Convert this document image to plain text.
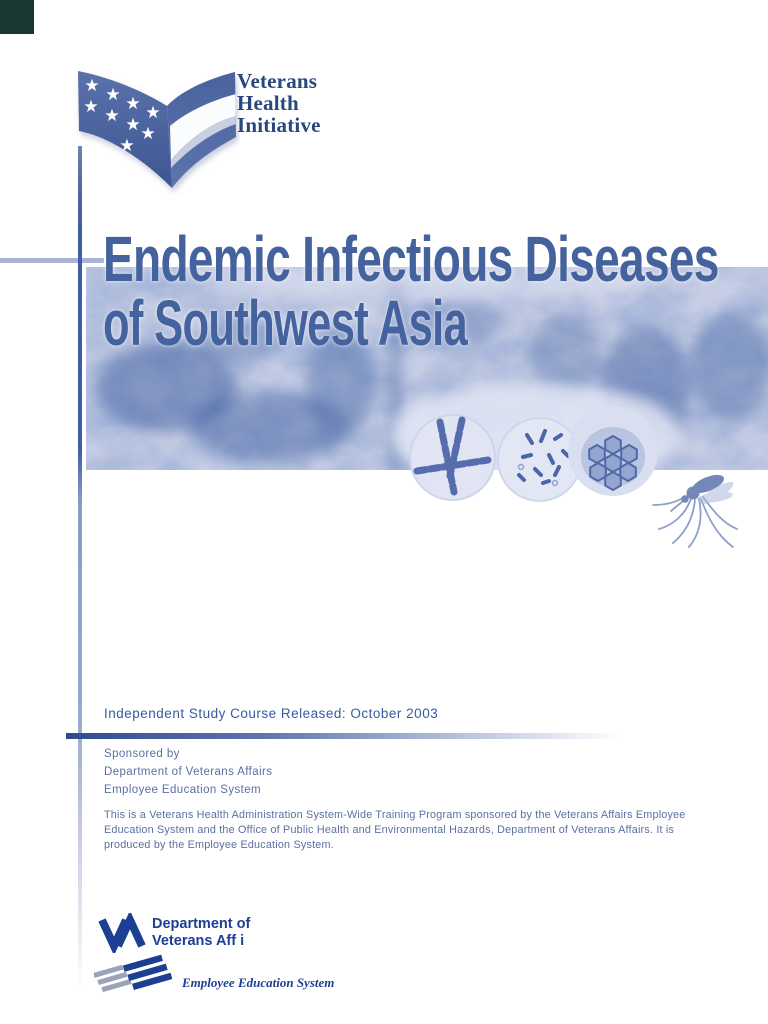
★ ★ ★
★ ★ ★
★
★
★
Veterans
Health
Initiative
Endemic Infectious Diseases
of Southwest Asia
Independent Study Course Released: October 2003
Sponsored by
Department of Veterans Affairs
Employee Education System
This is a Veterans Health Administration System-Wide Training Program sponsored by the Veterans Affairs Employee Education System and the Office of Public Health and Environmental Hazards, Department of Veterans Affairs. It is produced by the Employee Education System.
Department of
Veterans Aff i
Employee Education System
